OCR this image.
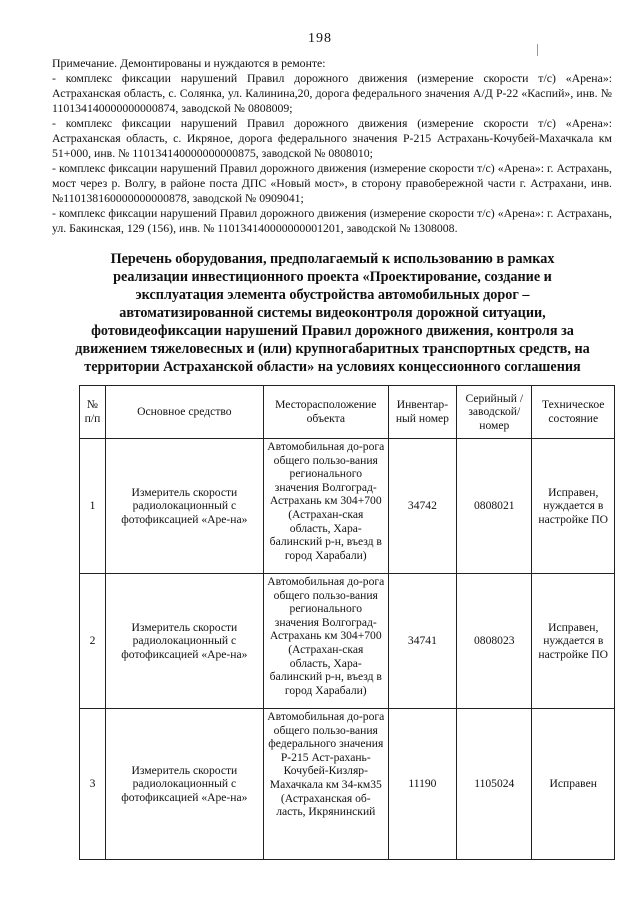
198

Примечание. Демонтированы и нуждаются в ремонте:

- комплекс фиксации нарушений Правил дорожного движения (измерение скорости т/с) «Арена»: Астраханская область, с. Солянка, ул. Калинина,20, дорога федерального значения А/Д Р-22 «Каспий», инв. № 110134140000000000874, заводской № 0808009;

- комплекс фиксации нарушений Правил дорожного движения (измерение скорости т/с) «Арена»: Астраханская область, с. Икряное, дорога федерального значения Р-215 Астрахань-Кочубей-Махачкала км 51+000, инв. № 110134140000000000875, заводской № 0808010;

- комплекс фиксации нарушений Правил дорожного движения (измерение скорости т/с) «Арена»: г. Астрахань, мост через р. Волгу, в районе поста ДПС «Новый мост», в сторону правобережной части г. Астрахани, инв. №110138160000000000878, заводской № 0909041;

- комплекс фиксации нарушений Правил дорожного движения (измерение скорости т/с) «Арена»: г. Астрахань, ул. Бакинская, 129 (156), инв. № 110134140000000001201, заводской № 1308008.

Перечень оборудования, предполагаемый к использованию в рамках
реализации инвестиционного проекта «Проектирование, создание и
эксплуатация элемента обустройства автомобильных дорог –
автоматизированной системы видеоконтроля дорожной ситуации,
фотовидеофиксации нарушений Правил дорожного движения, контроля за
движением тяжеловесных и (или) крупногабаритных транспортных средств, на
территории Астраханской области» на условиях концессионного соглашения
№ п/п	Основное средство	Месторасположение объекта	Инвентар-ный номер	Серийный /заводской/ номер	Техническое состояние
1	Измеритель скорости радиолокационный с фотофиксацией «Аре-на»	Автомобильная до-рога общего пользо-вания регионального значения Волгоград-Астрахань км 304+700 (Астрахан-ская область, Хара-балинский р-н, въезд в город Харабали)	34742	0808021	Исправен, нуждается в настройке ПО
2	Измеритель скорости радиолокационный с фотофиксацией «Аре-на»	Автомобильная до-рога общего пользо-вания регионального значения Волгоград-Астрахань км 304+700 (Астрахан-ская область, Хара-балинский р-н, въезд в город Харабали)	34741	0808023	Исправен, нуждается в настройке ПО
3	Измеритель скорости радиолокационный с фотофиксацией «Аре-на»	Автомобильная до-рога общего пользо-вания федерального значения Р-215 Аст-рахань-Кочубей-Кизляр-Махачкала км 34-км35 (Астраханская об-ласть, Икрянинский	11190	1105024	Исправен
